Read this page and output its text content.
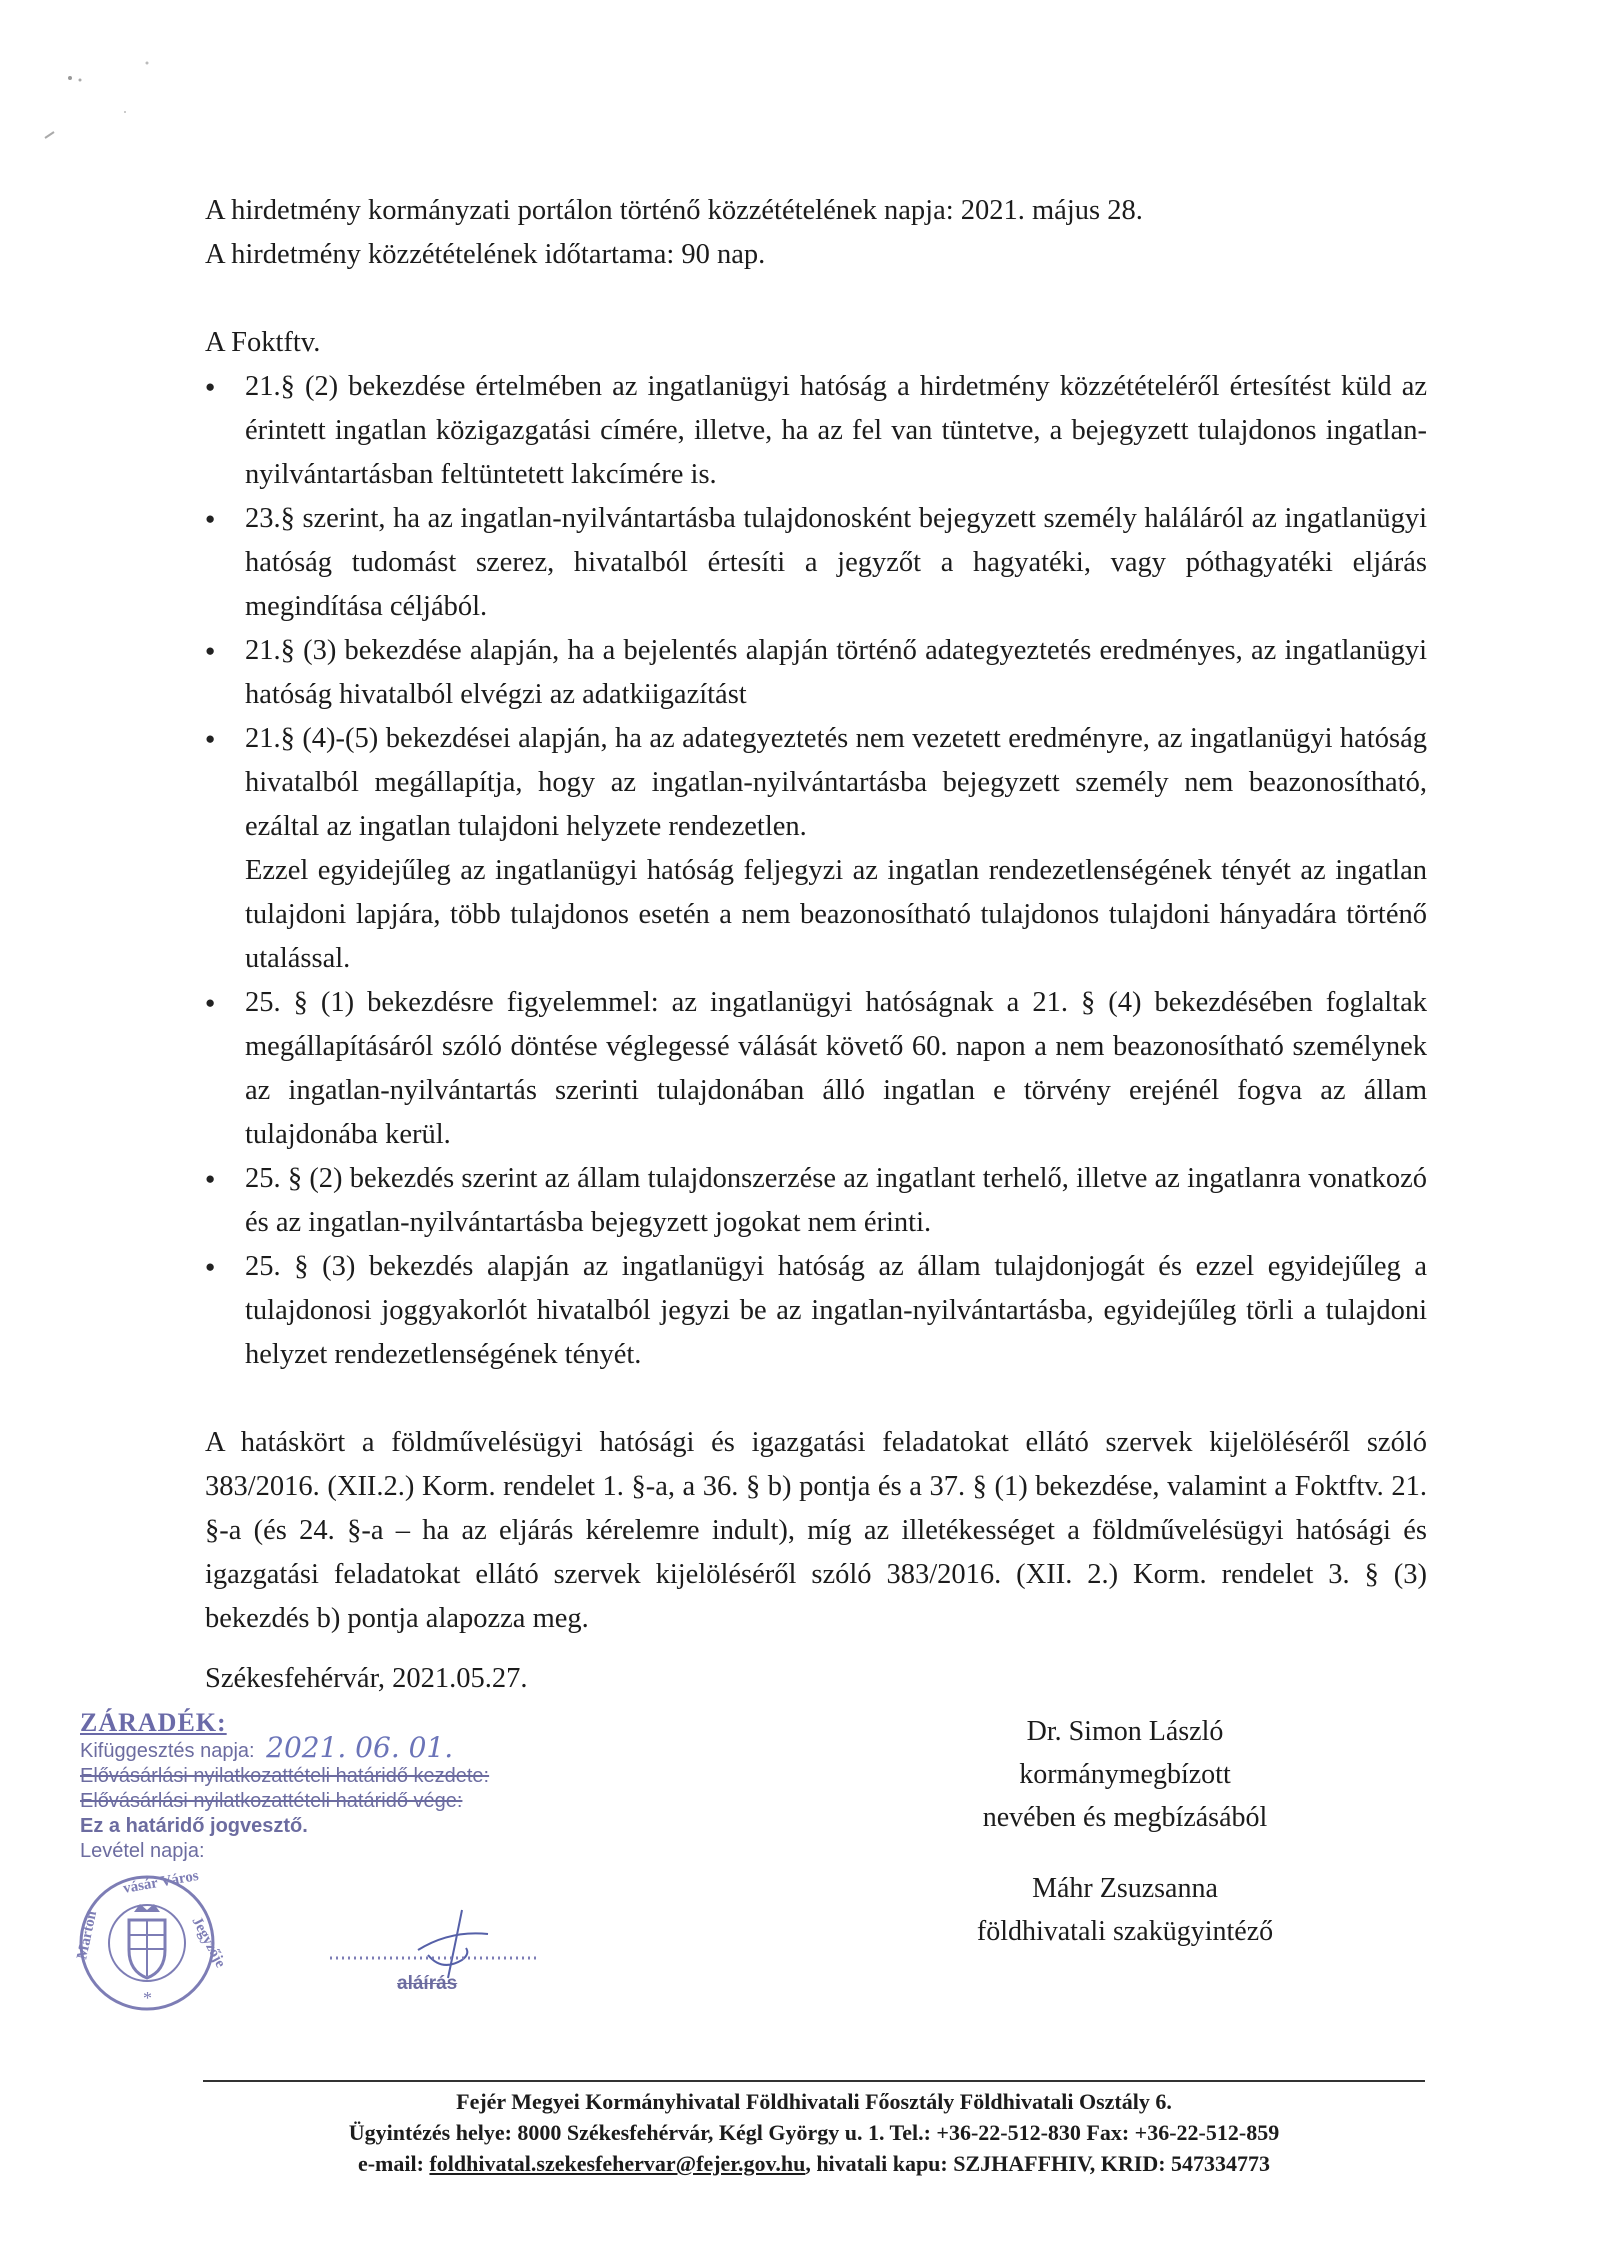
A hirdetmény kormányzati portálon történő közzétételének napja: 2021. május 28.
A hirdetmény közzétételének időtartama: 90 nap.
A Foktftv.
● 21.§ (2) bekezdése értelmében az ingatlanügyi hatóság a hirdetmény közzétételéről értesítést küld az érintett ingatlan közigazgatási címére, illetve, ha az fel van tüntetve, a bejegyzett tulajdonos ingatlan-nyilvántartásban feltüntetett lakcímére is.
● 23.§ szerint, ha az ingatlan-nyilvántartásba tulajdonosként bejegyzett személy haláláról az ingatlanügyi hatóság tudomást szerez, hivatalból értesíti a jegyzőt a hagyatéki, vagy póthagyatéki eljárás megindítása céljából.
● 21.§ (3) bekezdése alapján, ha a bejelentés alapján történő adategyeztetés eredményes, az ingatlanügyi hatóság hivatalból elvégzi az adatkiigazítást
● 21.§ (4)-(5) bekezdései alapján, ha az adategyeztetés nem vezetett eredményre, az ingatlanügyi hatóság hivatalból megállapítja, hogy az ingatlan-nyilvántartásba bejegyzett személy nem beazonosítható, ezáltal az ingatlan tulajdoni helyzete rendezetlen.
Ezzel egyidejűleg az ingatlanügyi hatóság feljegyzi az ingatlan rendezetlenségének tényét az ingatlan tulajdoni lapjára, több tulajdonos esetén a nem beazonosítható tulajdonos tulajdoni hányadára történő utalással.
● 25. § (1) bekezdésre figyelemmel: az ingatlanügyi hatóságnak a 21. § (4) bekezdésében foglaltak megállapításáról szóló döntése véglegessé válását követő 60. napon a nem beazonosítható személynek az ingatlan-nyilvántartás szerinti tulajdonában álló ingatlan e törvény erejénél fogva az állam tulajdonába kerül.
● 25. § (2) bekezdés szerint az állam tulajdonszerzése az ingatlant terhelő, illetve az ingatlanra vonatkozó és az ingatlan-nyilvántartásba bejegyzett jogokat nem érinti.
● 25. § (3) bekezdés alapján az ingatlanügyi hatóság az állam tulajdonjogát és ezzel egyidejűleg a tulajdonosi joggyakorlót hivatalból jegyzi be az ingatlan-nyilvántartásba, egyidejűleg törli a tulajdoni helyzet rendezetlenségének tényét.
A hatáskört a földművelésügyi hatósági és igazgatási feladatokat ellátó szervek kijelöléséről szóló 383/2016. (XII.2.) Korm. rendelet 1. §-a, a 36. § b) pontja és a 37. § (1) bekezdése, valamint a Foktftv. 21. §-a (és 24. §-a – ha az eljárás kérelemre indult), míg az illetékességet a földművelésügyi hatósági és igazgatási feladatokat ellátó szervek kijelöléséről szóló 383/2016. (XII. 2.) Korm. rendelet 3. § (3) bekezdés b) pontja alapozza meg.
Székesfehérvár, 2021.05.27.
Dr. Simon László
kormánymegbízott
nevében és megbízásából
Máhr Zsuzsanna
földhivatali szakügyintéző
ZÁRADÉK:
Kifüggesztés napja: 2021. 06. 01.
Elővásárlási nyilatkozattételi határidő kezdete:
Elővásárlási nyilatkozattételi határidő vége:
Ez a határidő jogvesztő.
Levétel napja:
Marton
vásár Város
Jegyzője
*
aláírás
Fejér Megyei Kormányhivatal Földhivatali Főosztály Földhivatali Osztály 6.
Ügyintézés helye: 8000 Székesfehérvár, Kégl György u. 1. Tel.: +36-22-512-830 Fax: +36-22-512-859
e-mail: foldhivatal.szekesfehervar@fejer.gov.hu, hivatali kapu: SZJHAFFHIV, KRID: 547334773
